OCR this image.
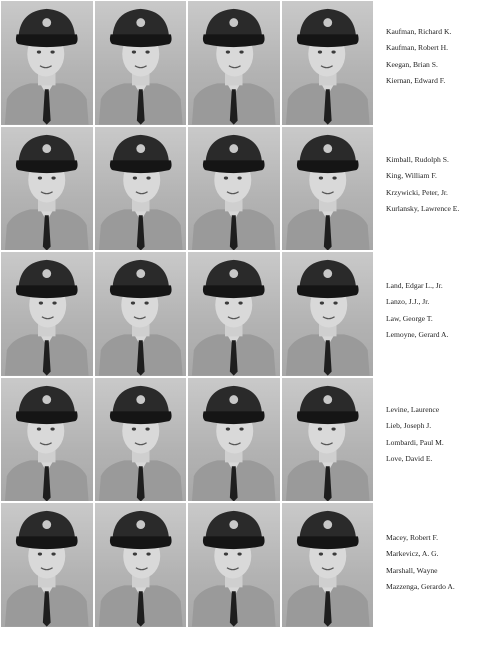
Kaufman, Richard K.
Kaufman, Robert H.
Keegan, Brian S.
Kiernan, Edward F.
Kimball, Rudolph S.
King, William F.
Krzywicki, Peter, Jr.
Kurlansky, Lawrence E.
Land, Edgar L., Jr.
Lanzo, J.J., Jr.
Law, George T.
Lemoyne, Gerard A.
Levine, Laurence
Lieb, Joseph J.
Lombardi, Paul M.
Love, David E.
Macey, Robert F.
Markevicz, A. G.
Marshall, Wayne
Mazzenga, Gerardo A.
